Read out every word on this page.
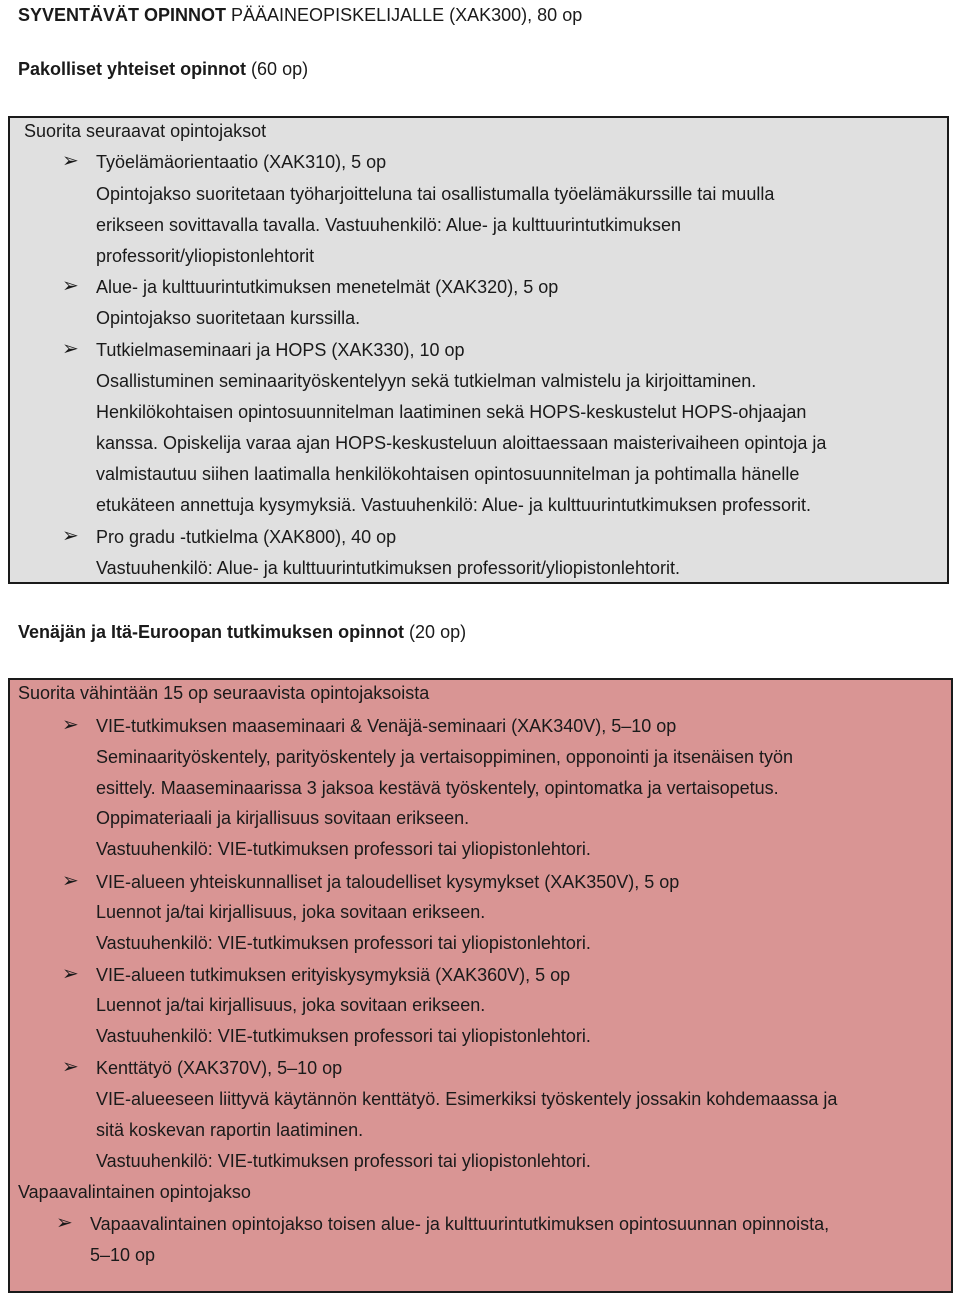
SYVENTÄVÄT OPINNOT PÄÄAINEOPISKELIJALLE (XAK300), 80 op
Pakolliset yhteiset opinnot (60 op)
Suorita seuraavat opintojaksot
➢ Työelämäorientaatio (XAK310), 5 op
Opintojakso suoritetaan työharjoitteluna tai osallistumalla työelämäkurssille tai muulla
erikseen sovittavalla tavalla. Vastuuhenkilö: Alue- ja kulttuurintutkimuksen
professorit/yliopistonlehtorit
➢ Alue- ja kulttuurintutkimuksen menetelmät (XAK320), 5 op
Opintojakso suoritetaan kurssilla.
➢ Tutkielmaseminaari ja HOPS (XAK330), 10 op
Osallistuminen seminaarityöskentelyyn sekä tutkielman valmistelu ja kirjoittaminen.
Henkilökohtaisen opintosuunnitelman laatiminen sekä HOPS-keskustelut HOPS-ohjaajan
kanssa. Opiskelija varaa ajan HOPS-keskusteluun aloittaessaan maisterivaiheen opintoja ja
valmistautuu siihen laatimalla henkilökohtaisen opintosuunnitelman ja pohtimalla hänelle
etukäteen annettuja kysymyksiä. Vastuuhenkilö: Alue- ja kulttuurintutkimuksen professorit.
➢ Pro gradu -tutkielma (XAK800), 40 op
Vastuuhenkilö: Alue- ja kulttuurintutkimuksen professorit/yliopistonlehtorit.
Venäjän ja Itä-Euroopan tutkimuksen opinnot (20 op)
Suorita vähintään 15 op seuraavista opintojaksoista
➢ VIE-tutkimuksen maaseminaari & Venäjä-seminaari (XAK340V), 5–10 op
Seminaarityöskentely, parityöskentely ja vertaisoppiminen, opponointi ja itsenäisen työn
esittely. Maaseminaarissa 3 jaksoa kestävä työskentely, opintomatka ja vertaisopetus.
Oppimateriaali ja kirjallisuus sovitaan erikseen.
Vastuuhenkilö: VIE-tutkimuksen professori tai yliopistonlehtori.
➢ VIE-alueen yhteiskunnalliset ja taloudelliset kysymykset (XAK350V), 5 op
Luennot ja/tai kirjallisuus, joka sovitaan erikseen.
Vastuuhenkilö: VIE-tutkimuksen professori tai yliopistonlehtori.
➢ VIE-alueen tutkimuksen erityiskysymyksiä (XAK360V), 5 op
Luennot ja/tai kirjallisuus, joka sovitaan erikseen.
Vastuuhenkilö: VIE-tutkimuksen professori tai yliopistonlehtori.
➢ Kenttätyö (XAK370V), 5–10 op
VIE-alueeseen liittyvä käytännön kenttätyö. Esimerkiksi työskentely jossakin kohdemaassa ja
sitä koskevan raportin laatiminen.
Vastuuhenkilö: VIE-tutkimuksen professori tai yliopistonlehtori.
Vapaavalintainen opintojakso
➢ Vapaavalintainen opintojakso toisen alue- ja kulttuurintutkimuksen opintosuunnan opinnoista,
5–10 op
